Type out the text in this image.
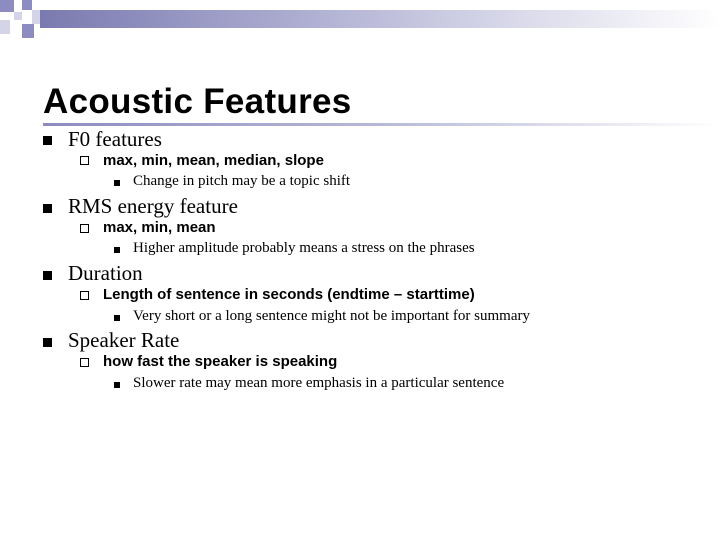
Acoustic Features
F0 features
max, min, mean, median, slope
Change in pitch may be a topic shift
RMS energy feature
max, min, mean
Higher amplitude probably means a stress on the phrases
Duration
Length of sentence in seconds (endtime – starttime)
Very short or a long sentence might not be important for summary
Speaker Rate
how fast the speaker is speaking
Slower rate may mean more emphasis in a particular sentence
